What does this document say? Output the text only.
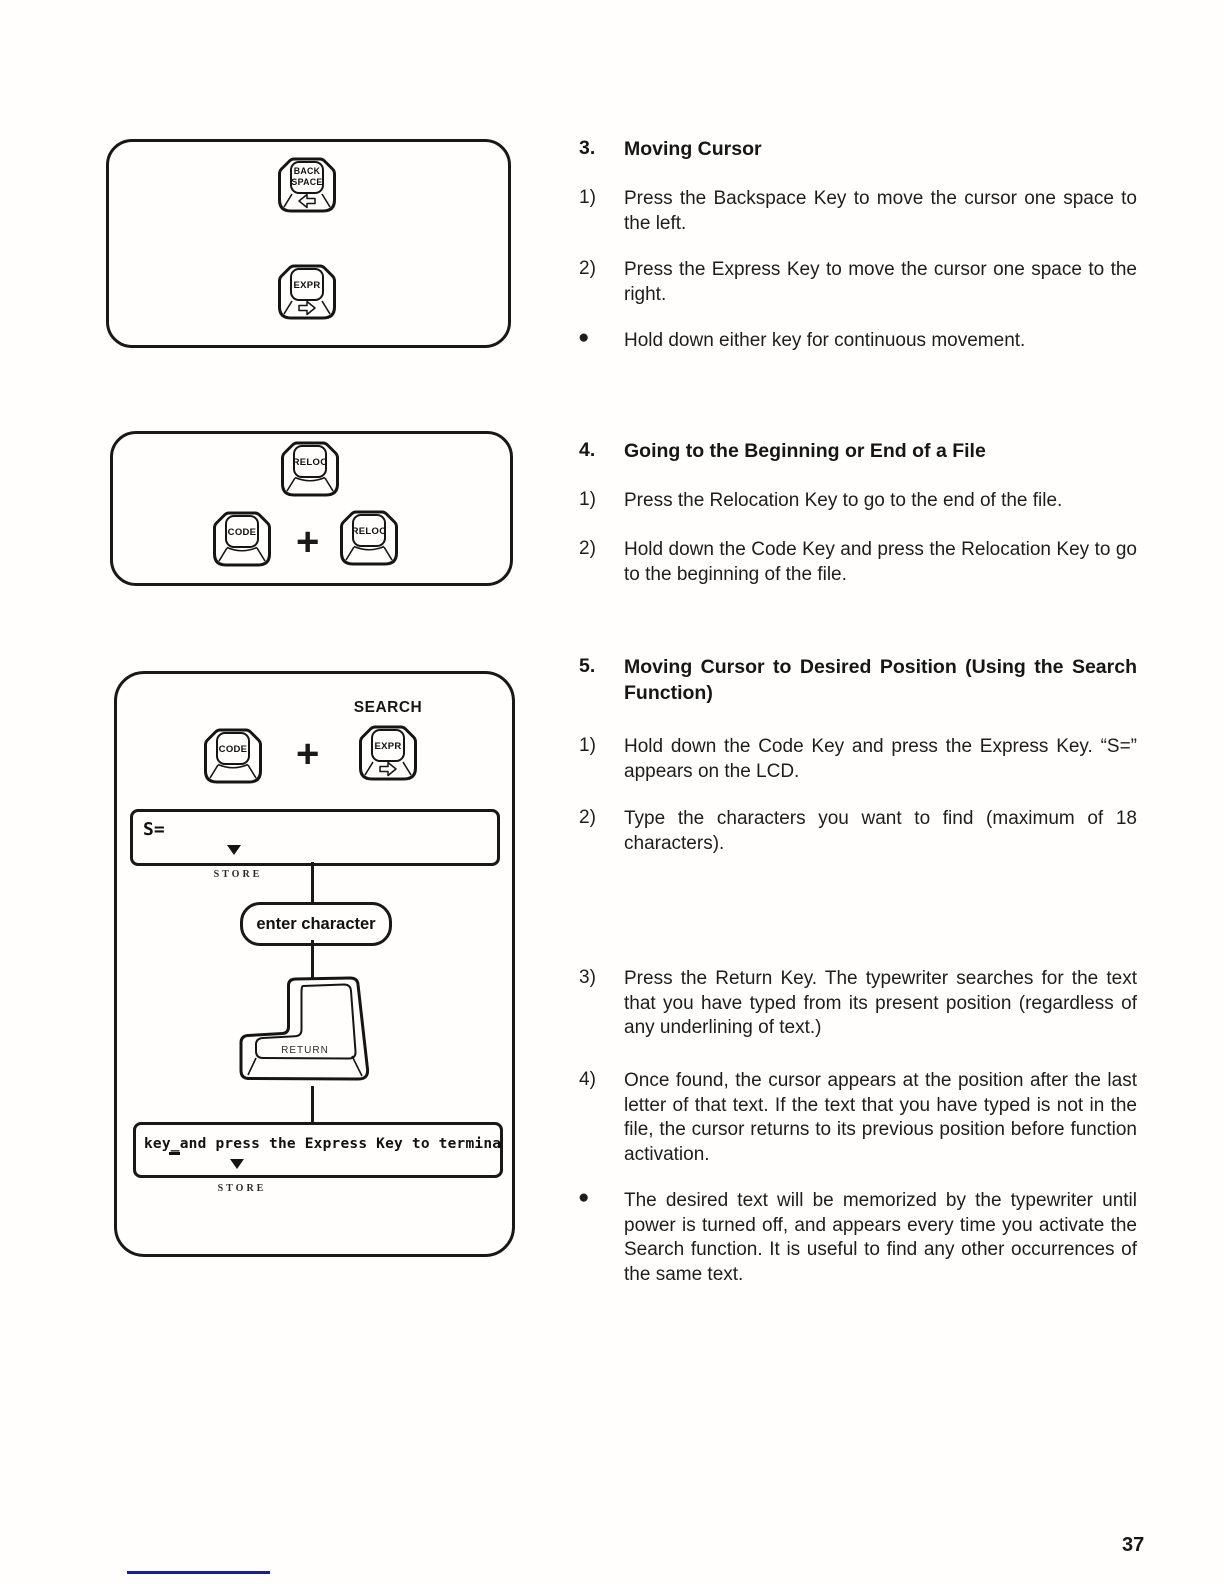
BACK
SPACE
EXPR
RELOC
CODE +	RELOC
SEARCH
CODE +	EXPR
S=
STORE
enter character
RETURN
key_and press the Express Key to termina
STORE
3. Moving Cursor
1) Press the Backspace Key to move the cursor one space to the left.
2) Press the Express Key to move the cursor one space to the right.
● Hold down either key for continuous movement.
4. Going to the Beginning or End of a File
1) Press the Relocation Key to go to the end of the file.
2) Hold down the Code Key and press the Relocation Key to go to the beginning of the file.
5. Moving Cursor to Desired Position (Using the Search Function)
1) Hold down the Code Key and press the Express Key. “S=” appears on the LCD.
2) Type the characters you want to find (maximum of 18 characters).
3) Press the Return Key. The typewriter searches for the text that you have typed from its present position (regardless of any underlining of text.)
4) Once found, the cursor appears at the position after the last letter of that text. If the text that you have typed is not in the file, the cursor returns to its previous position before function activation.
● The desired text will be memorized by the typewriter until power is turned off, and appears every time you activate the Search function. It is useful to find any other occurrences of the same text.
37
